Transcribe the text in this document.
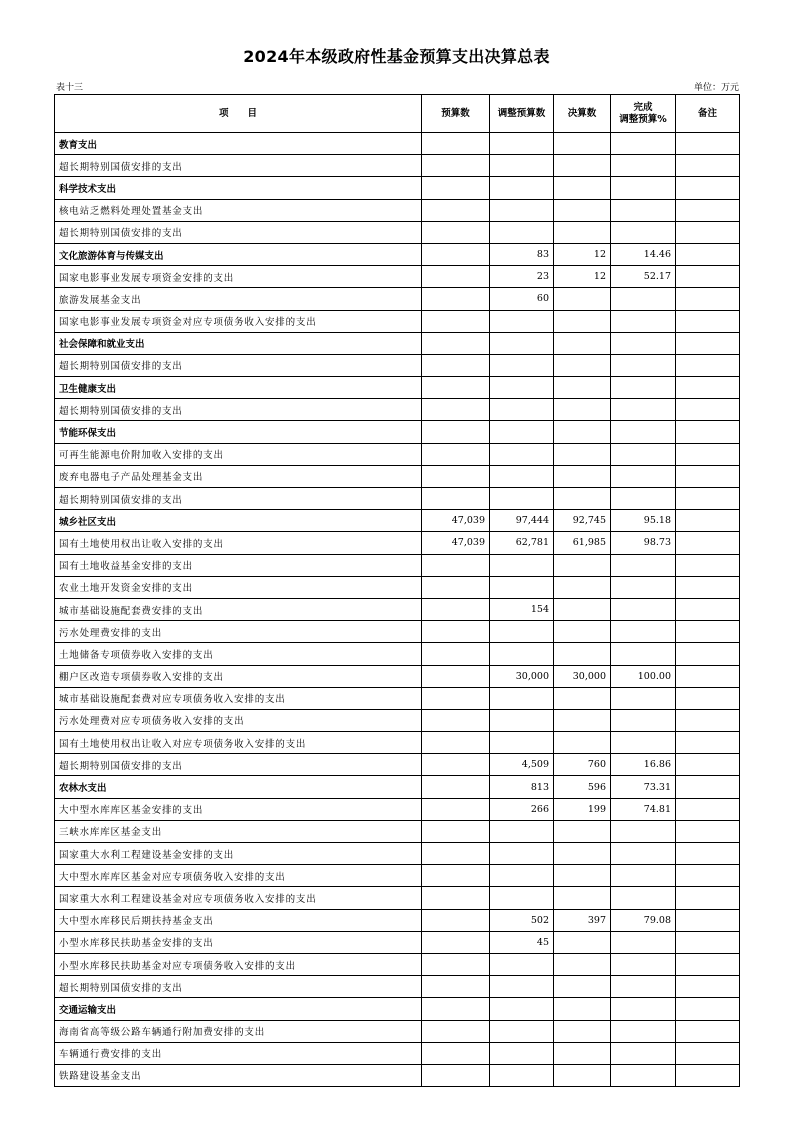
2024年本级政府性基金预算支出决算总表
表十三	单位：万元
项　　目	预算数	调整预算数	决算数	完成
调整预算%	备注
教育支出					
超长期特别国债安排的支出					
科学技术支出					
核电站乏燃料处理处置基金支出					
超长期特别国债安排的支出					
文化旅游体育与传媒支出		83	12	14.46	
国家电影事业发展专项资金安排的支出		23	12	52.17	
旅游发展基金支出		60			
国家电影事业发展专项资金对应专项债务收入安排的支出					
社会保障和就业支出					
超长期特别国债安排的支出					
卫生健康支出					
超长期特别国债安排的支出					
节能环保支出					
可再生能源电价附加收入安排的支出					
废弃电器电子产品处理基金支出					
超长期特别国债安排的支出					
城乡社区支出	47,039	97,444	92,745	95.18	
国有土地使用权出让收入安排的支出	47,039	62,781	61,985	98.73	
国有土地收益基金安排的支出					
农业土地开发资金安排的支出					
城市基础设施配套费安排的支出		154			
污水处理费安排的支出					
土地储备专项债券收入安排的支出					
棚户区改造专项债券收入安排的支出		30,000	30,000	100.00	
城市基础设施配套费对应专项债务收入安排的支出					
污水处理费对应专项债务收入安排的支出					
国有土地使用权出让收入对应专项债务收入安排的支出					
超长期特别国债安排的支出		4,509	760	16.86	
农林水支出		813	596	73.31	
大中型水库库区基金安排的支出		266	199	74.81	
三峡水库库区基金支出					
国家重大水利工程建设基金安排的支出					
大中型水库库区基金对应专项债务收入安排的支出					
国家重大水利工程建设基金对应专项债务收入安排的支出					
大中型水库移民后期扶持基金支出		502	397	79.08	
小型水库移民扶助基金安排的支出		45			
小型水库移民扶助基金对应专项债务收入安排的支出					
超长期特别国债安排的支出					
交通运输支出					
海南省高等级公路车辆通行附加费安排的支出					
车辆通行费安排的支出					
铁路建设基金支出					
